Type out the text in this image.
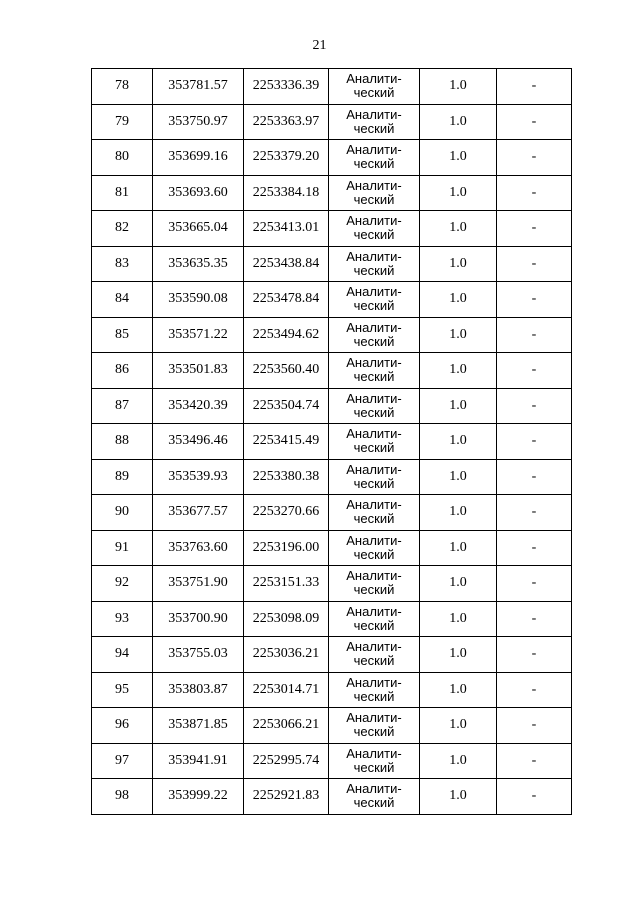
21
78	353781.57	2253336.39	Аналити-
ческий	1.0	-
79	353750.97	2253363.97	Аналити-
ческий	1.0	-
80	353699.16	2253379.20	Аналити-
ческий	1.0	-
81	353693.60	2253384.18	Аналити-
ческий	1.0	-
82	353665.04	2253413.01	Аналити-
ческий	1.0	-
83	353635.35	2253438.84	Аналити-
ческий	1.0	-
84	353590.08	2253478.84	Аналити-
ческий	1.0	-
85	353571.22	2253494.62	Аналити-
ческий	1.0	-
86	353501.83	2253560.40	Аналити-
ческий	1.0	-
87	353420.39	2253504.74	Аналити-
ческий	1.0	-
88	353496.46	2253415.49	Аналити-
ческий	1.0	-
89	353539.93	2253380.38	Аналити-
ческий	1.0	-
90	353677.57	2253270.66	Аналити-
ческий	1.0	-
91	353763.60	2253196.00	Аналити-
ческий	1.0	-
92	353751.90	2253151.33	Аналити-
ческий	1.0	-
93	353700.90	2253098.09	Аналити-
ческий	1.0	-
94	353755.03	2253036.21	Аналити-
ческий	1.0	-
95	353803.87	2253014.71	Аналити-
ческий	1.0	-
96	353871.85	2253066.21	Аналити-
ческий	1.0	-
97	353941.91	2252995.74	Аналити-
ческий	1.0	-
98	353999.22	2252921.83	Аналити-
ческий	1.0	-
